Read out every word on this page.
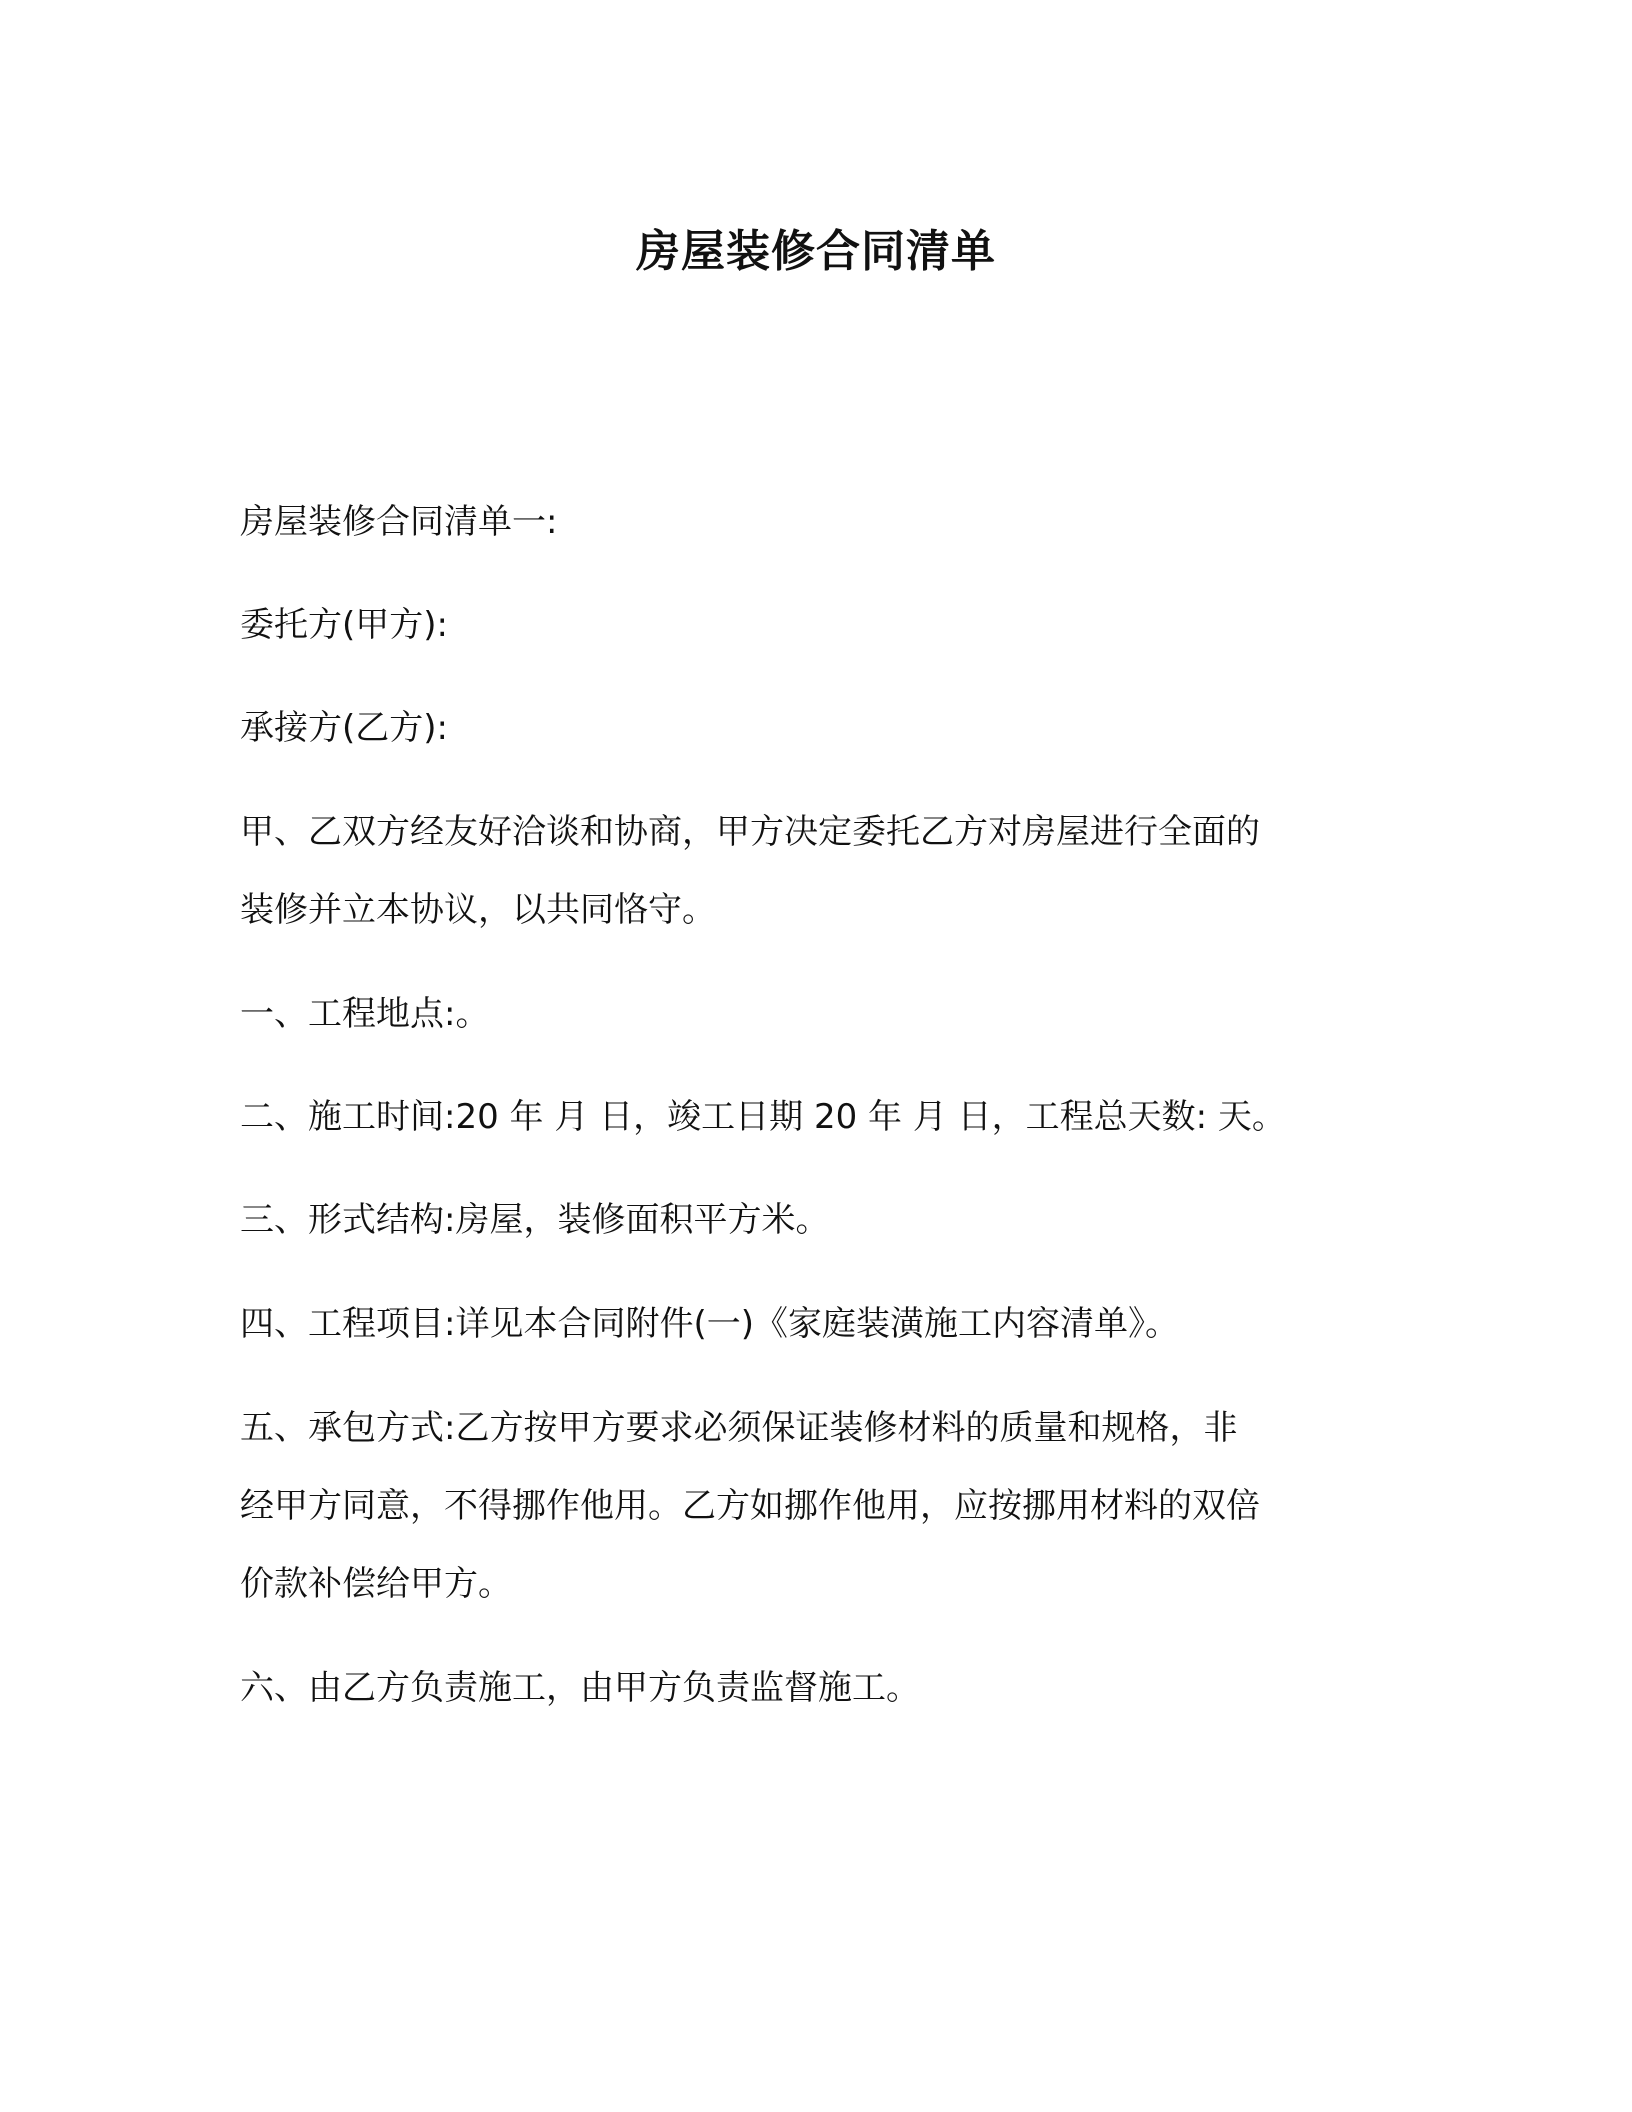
房屋装修合同清单
房屋装修合同清单一:
委托方(甲方):
承接方(乙方):
甲、乙双方经友好洽谈和协商，甲方决定委托乙方对房屋进行全面的
装修并立本协议，以共同恪守。
一、工程地点:。
二、施工时间:20 年 月 日，竣工日期 20 年 月 日，工程总天数: 天。
三、形式结构:房屋，装修面积平方米。
四、工程项目:详见本合同附件(一)《家庭装潢施工内容清单》。
五、承包方式:乙方按甲方要求必须保证装修材料的质量和规格，非
经甲方同意，不得挪作他用。乙方如挪作他用，应按挪用材料的双倍
价款补偿给甲方。
六、由乙方负责施工，由甲方负责监督施工。
